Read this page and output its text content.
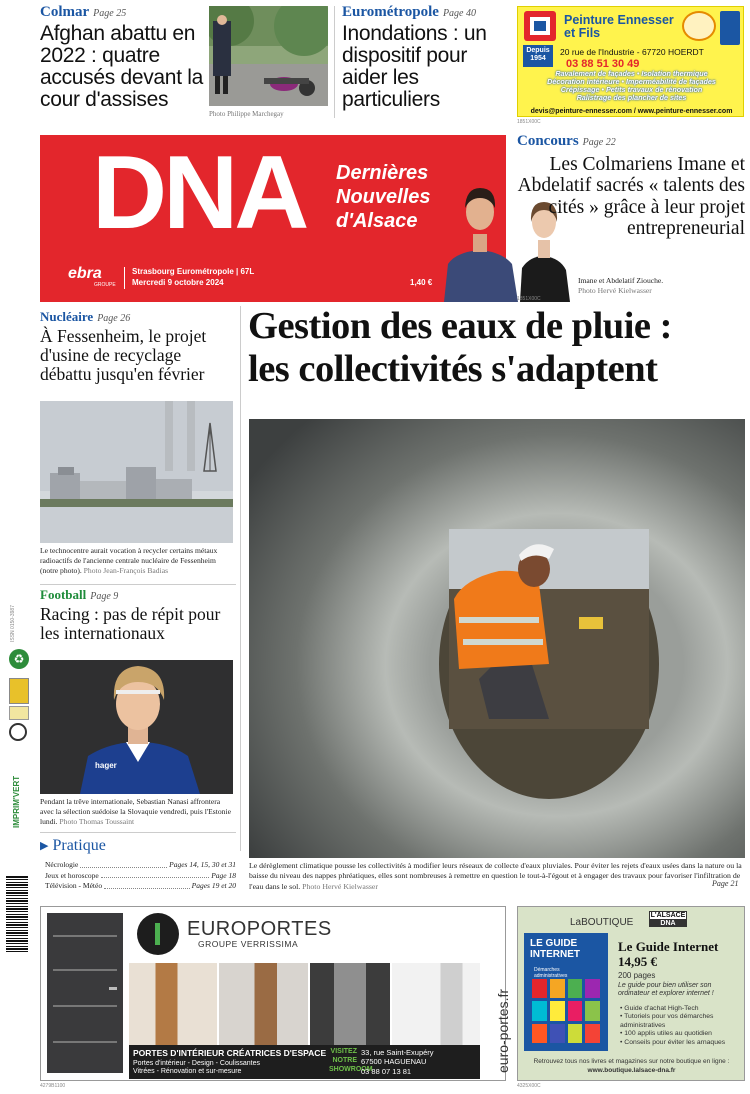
Colmar Page 25
Afghan abattu en 2022 : quatre accusés devant la cour d'assises
Photo Philippe Marchegay
Eurométropole Page 40
Inondations : un dispositif pour aider les particuliers
Peinture Ennesser et Fils
Depuis 1954
20 rue de l'Industrie - 67720 HOERDT
03 88 51 30 49
Ravalement de façades • Isolation thermique
Décoration intérieure • Imperméabilité de façades
Crépissage • Petits travaux de rénovation
Ralistrage des plancher de sites
devis@peinture-ennesser.com / www.peinture-ennesser.com
1851X00C
DNA Dernières
Nouvelles
d'Alsace
ebra
GROUPE
Strasbourg Eurométropole | 67L
Mercredi 9 octobre 2024	1,40 €
Concours Page 22
Les Colmariens Imane et Abdelatif sacrés « talents des cités » grâce à leur projet entrepreneurial
Imane et Abdelatif Ziouche.
Photo Hervé Kielwasser
1851X00C
Nucléaire Page 26
À Fessenheim, le projet d'usine de recyclage débattu jusqu'en février
Le technocentre aurait vocation à recycler certains métaux radioactifs de l'ancienne centrale nucléaire de Fessenheim (notre photo). Photo Jean-François Badias
Football Page 9
Racing : pas de répit pour les internationaux
hager
Pendant la trêve internationale, Sebastian Nanasi affrontera avec la sélection suédoise la Slovaquie vendredi, puis l'Estonie lundi. Photo Thomas Toussaint
▶ Pratique
Nécrologie	Pages 14, 15, 30 et 31
Jeux et horoscope	Page 18
Télévision - Météo	Pages 19 et 20
ISSN 0150-3987
♻
IMPRIM'VERT
Gestion des eaux de pluie :
les collectivités s'adaptent
Le dérèglement climatique pousse les collectivités à modifier leurs réseaux de collecte d'eaux pluviales. Pour éviter les rejets d'eaux usées dans la nature ou la baisse du niveau des nappes phréatiques, elles sont nombreuses à remettre en question le tout-à-l'égout et à engager des travaux pour favoriser l'infiltration de l'eau dans le sol. Photo Hervé Kielwasser	Page 21
EUROPORTES
GROUPE VERRISSIMA
PORTES D'INTÉRIEUR CRÉATRICES D'ESPACE
Portes d'intérieur - Design - Coulissantes
Vitrées - Rénovation et sur-mesure
VISITEZ
NOTRE
SHOWROOM
33, rue Saint-Exupéry
67500 HAGUENAU
03 88 07 13 81	euro-portes.fr
4279B1100
LaBOUTIQUE
L'ALSACE
DNA
LE GUIDE INTERNET
Démarches administratives
Le Guide Internet
14,95 €
200 pages
Le guide pour bien utiliser son ordinateur et explorer internet !
• Guide d'achat High-Tech
• Tutoriels pour vos démarches administratives
• 100 applis utiles au quotidien
• Conseils pour éviter les arnaques
Retrouvez tous nos livres et magazines sur notre boutique en ligne :
www.boutique.lalsace-dna.fr
4325X00C
